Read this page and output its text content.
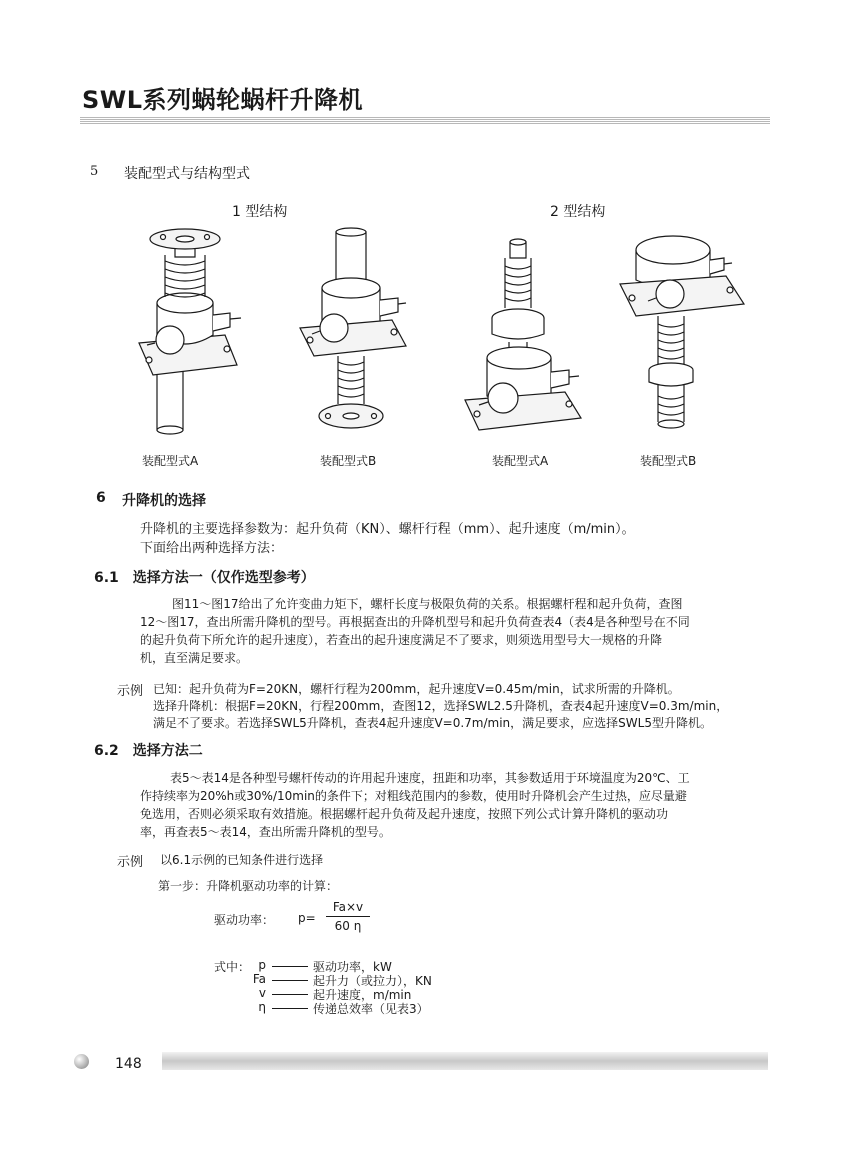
SWL系列蜗轮蜗杆升降机
5 装配型式与结构型式
1 型结构	2 型结构
装配型式A	装配型式B	装配型式A	装配型式B
6 升降机的选择
升降机的主要选择参数为：起升负荷（KN）、螺杆行程（mm）、起升速度（m/min）。
下面给出两种选择方法：
6.1　选择方法一（仅作选型参考）
图11～图17给出了允许变曲力矩下，螺杆长度与极限负荷的关系。根据螺杆程和起升负荷，查图
12～图17，查出所需升降机的型号。再根据查出的升降机型号和起升负荷查表4（表4是各种型号在不同
的起升负荷下所允许的起升速度），若查出的起升速度满足不了要求，则须选用型号大一规格的升降
机，直至满足要求。
示例 已知：起升负荷为F=20KN，螺杆行程为200mm，起升速度V=0.45m/min，试求所需的升降机。
选择升降机：根据F=20KN，行程200mm，查图12，选择SWL2.5升降机，查表4起升速度V=0.3m/min，
满足不了要求。若选择SWL5升降机，查表4起升速度V=0.7m/min，满足要求，应选择SWL5型升降机。
6.2　选择方法二
表5～表14是各种型号螺杆传动的许用起升速度，扭距和功率，其参数适用于环境温度为20℃、工
作持续率为20%h或30%/10min的条件下；对粗线范围内的参数，使用时升降机会产生过热，应尽量避
免选用，否则必须采取有效措施。根据螺杆起升负荷及起升速度，按照下列公式计算升降机的驱动功
率，再查表5～表14，查出所需升降机的型号。
示例 以6.1示例的已知条件进行选择
第一步：升降机驱动功率的计算：
驱动功率： p=
Fa×v
60 η
式中： p	驱动功率，kW
Fa	起升力（或拉力），KN
v	起升速度，m/min
η	传递总效率（见表3）
148
